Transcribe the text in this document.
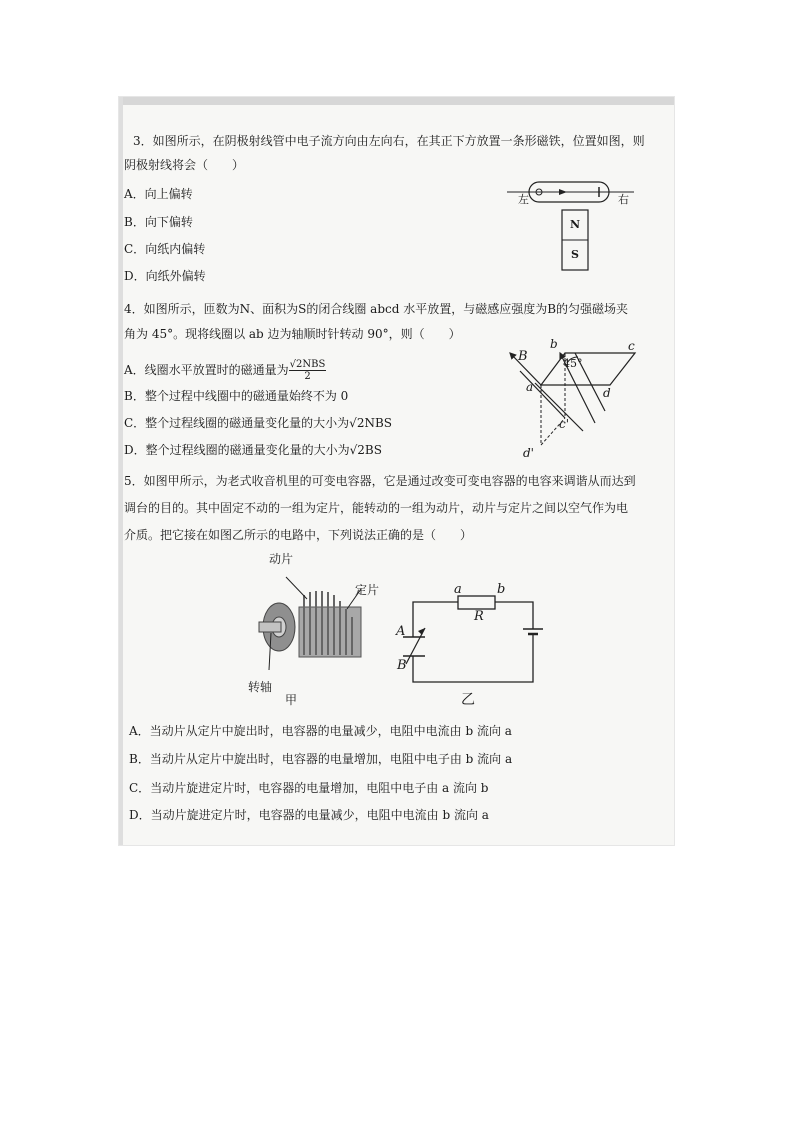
3．如图所示，在阴极射线管中电子流方向由左向右，在其正下方放置一条形磁铁，位置如图，则
阴极射线将会（　　）
A．向上偏转
B．向下偏转
C．向纸内偏转
D．向纸外偏转
左	右
N
S
4．如图所示，匝数为N、面积为S的闭合线圈 abcd 水平放置，与磁感应强度为B的匀强磁场夹
角为 45°。现将线圈以 ab 边为轴顺时针转动 90°，则（　　）
A．线圈水平放置时的磁通量为 $\frac{\text{√2NBS}}{2}$
B．整个过程中线圈中的磁通量始终不为 0
C．整个过程线圈的磁通量变化量的大小为√2NBS
D．整个过程线圈的磁通量变化量的大小为√2BS
B
a
b	c
d
c'
d'
45°
5．如图甲所示，为老式收音机里的可变电容器，它是通过改变可变电容器的电容来调谐从而达到
调台的目的。其中固定不动的一组为定片，能转动的一组为动片，动片与定片之间以空气作为电
介质。把它接在如图乙所示的电路中，下列说法正确的是（　　）
动片
定片
转轴
甲
a	b
R
A
B
乙
A．当动片从定片中旋出时，电容器的电量减少，电阻中电流由 b 流向 a
B．当动片从定片中旋出时，电容器的电量增加，电阻中电子由 b 流向 a
C．当动片旋进定片时，电容器的电量增加，电阻中电子由 a 流向 b
D．当动片旋进定片时，电容器的电量减少，电阻中电流由 b 流向 a
